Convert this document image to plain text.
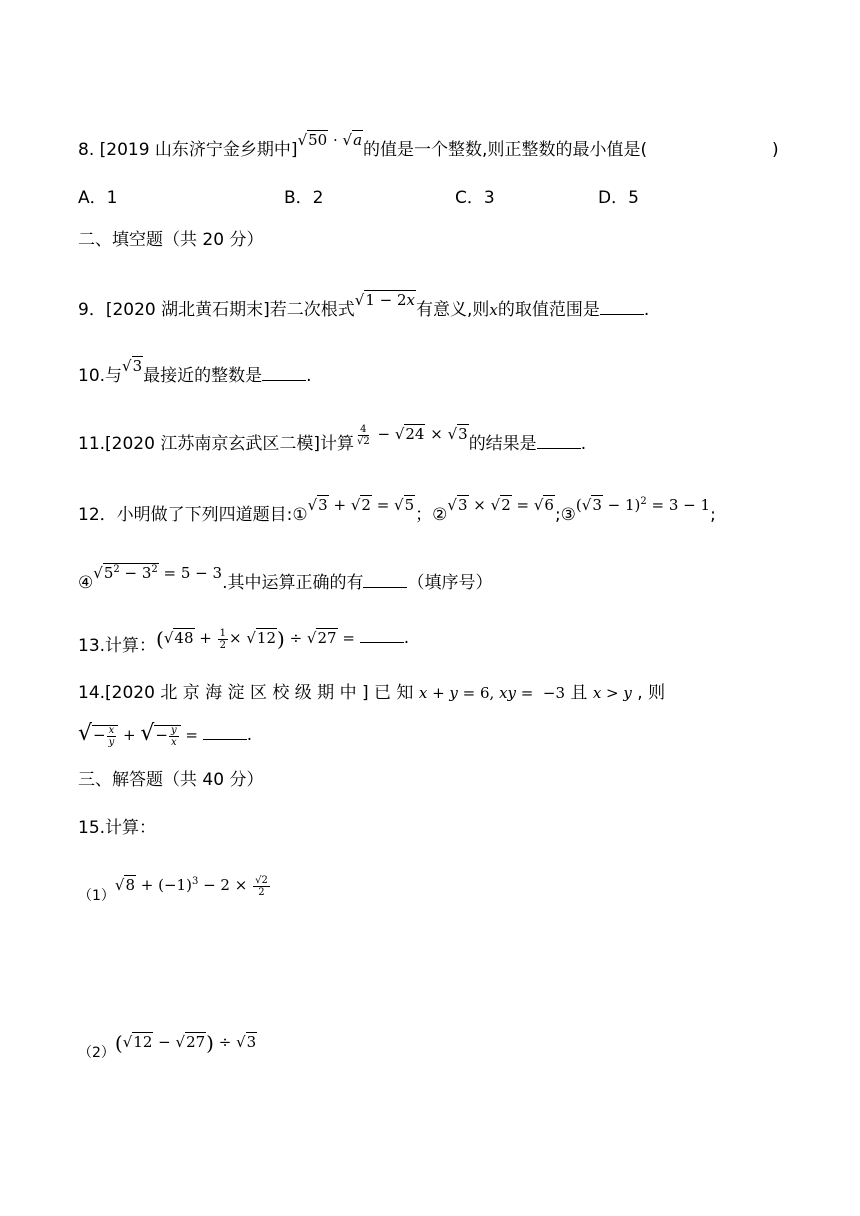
8. [2019 山东济宁金乡期中]√50 · √a的值是一个整数,则正整数的最小值是(	)
A．1	B．2	C．3	D．5
二、填空题（共 20 分）
9．[2020 湖北黄石期末]若二次根式√1 − 2x有意义,则x的取值范围是	.
10.与√3最接近的整数是	.
11.[2020 江苏南京玄武区二模]计算 $\frac{4}{√2} - √24 \times √3$的结果是	.
12．小明做了下列四道题目:①√3 + √2 = √5；②√3 × √2 = √6;③(√3 − 1)$^2$ = 3 − 1;
$④√5^2 - 3^2 = 5 - 3$.其中运算正确的有	（填序号）
13.计算：$(√48 + \frac{1}{2} \times √12) \div √27$ =	.
14.[2020 北 京 海 淀 区 校 级 期 中 ] 已 知 x + y = 6, xy =  −3 且 x > y , 则
√− $\frac{x}{y}$ + √− $\frac{y}{x}$ =	.
三、解答题（共 40 分）
15.计算：
$(1)√8 + (-1)^3 - 2 \times \frac{√2}{2}$
（2）(√12 − √27) ÷ √3
